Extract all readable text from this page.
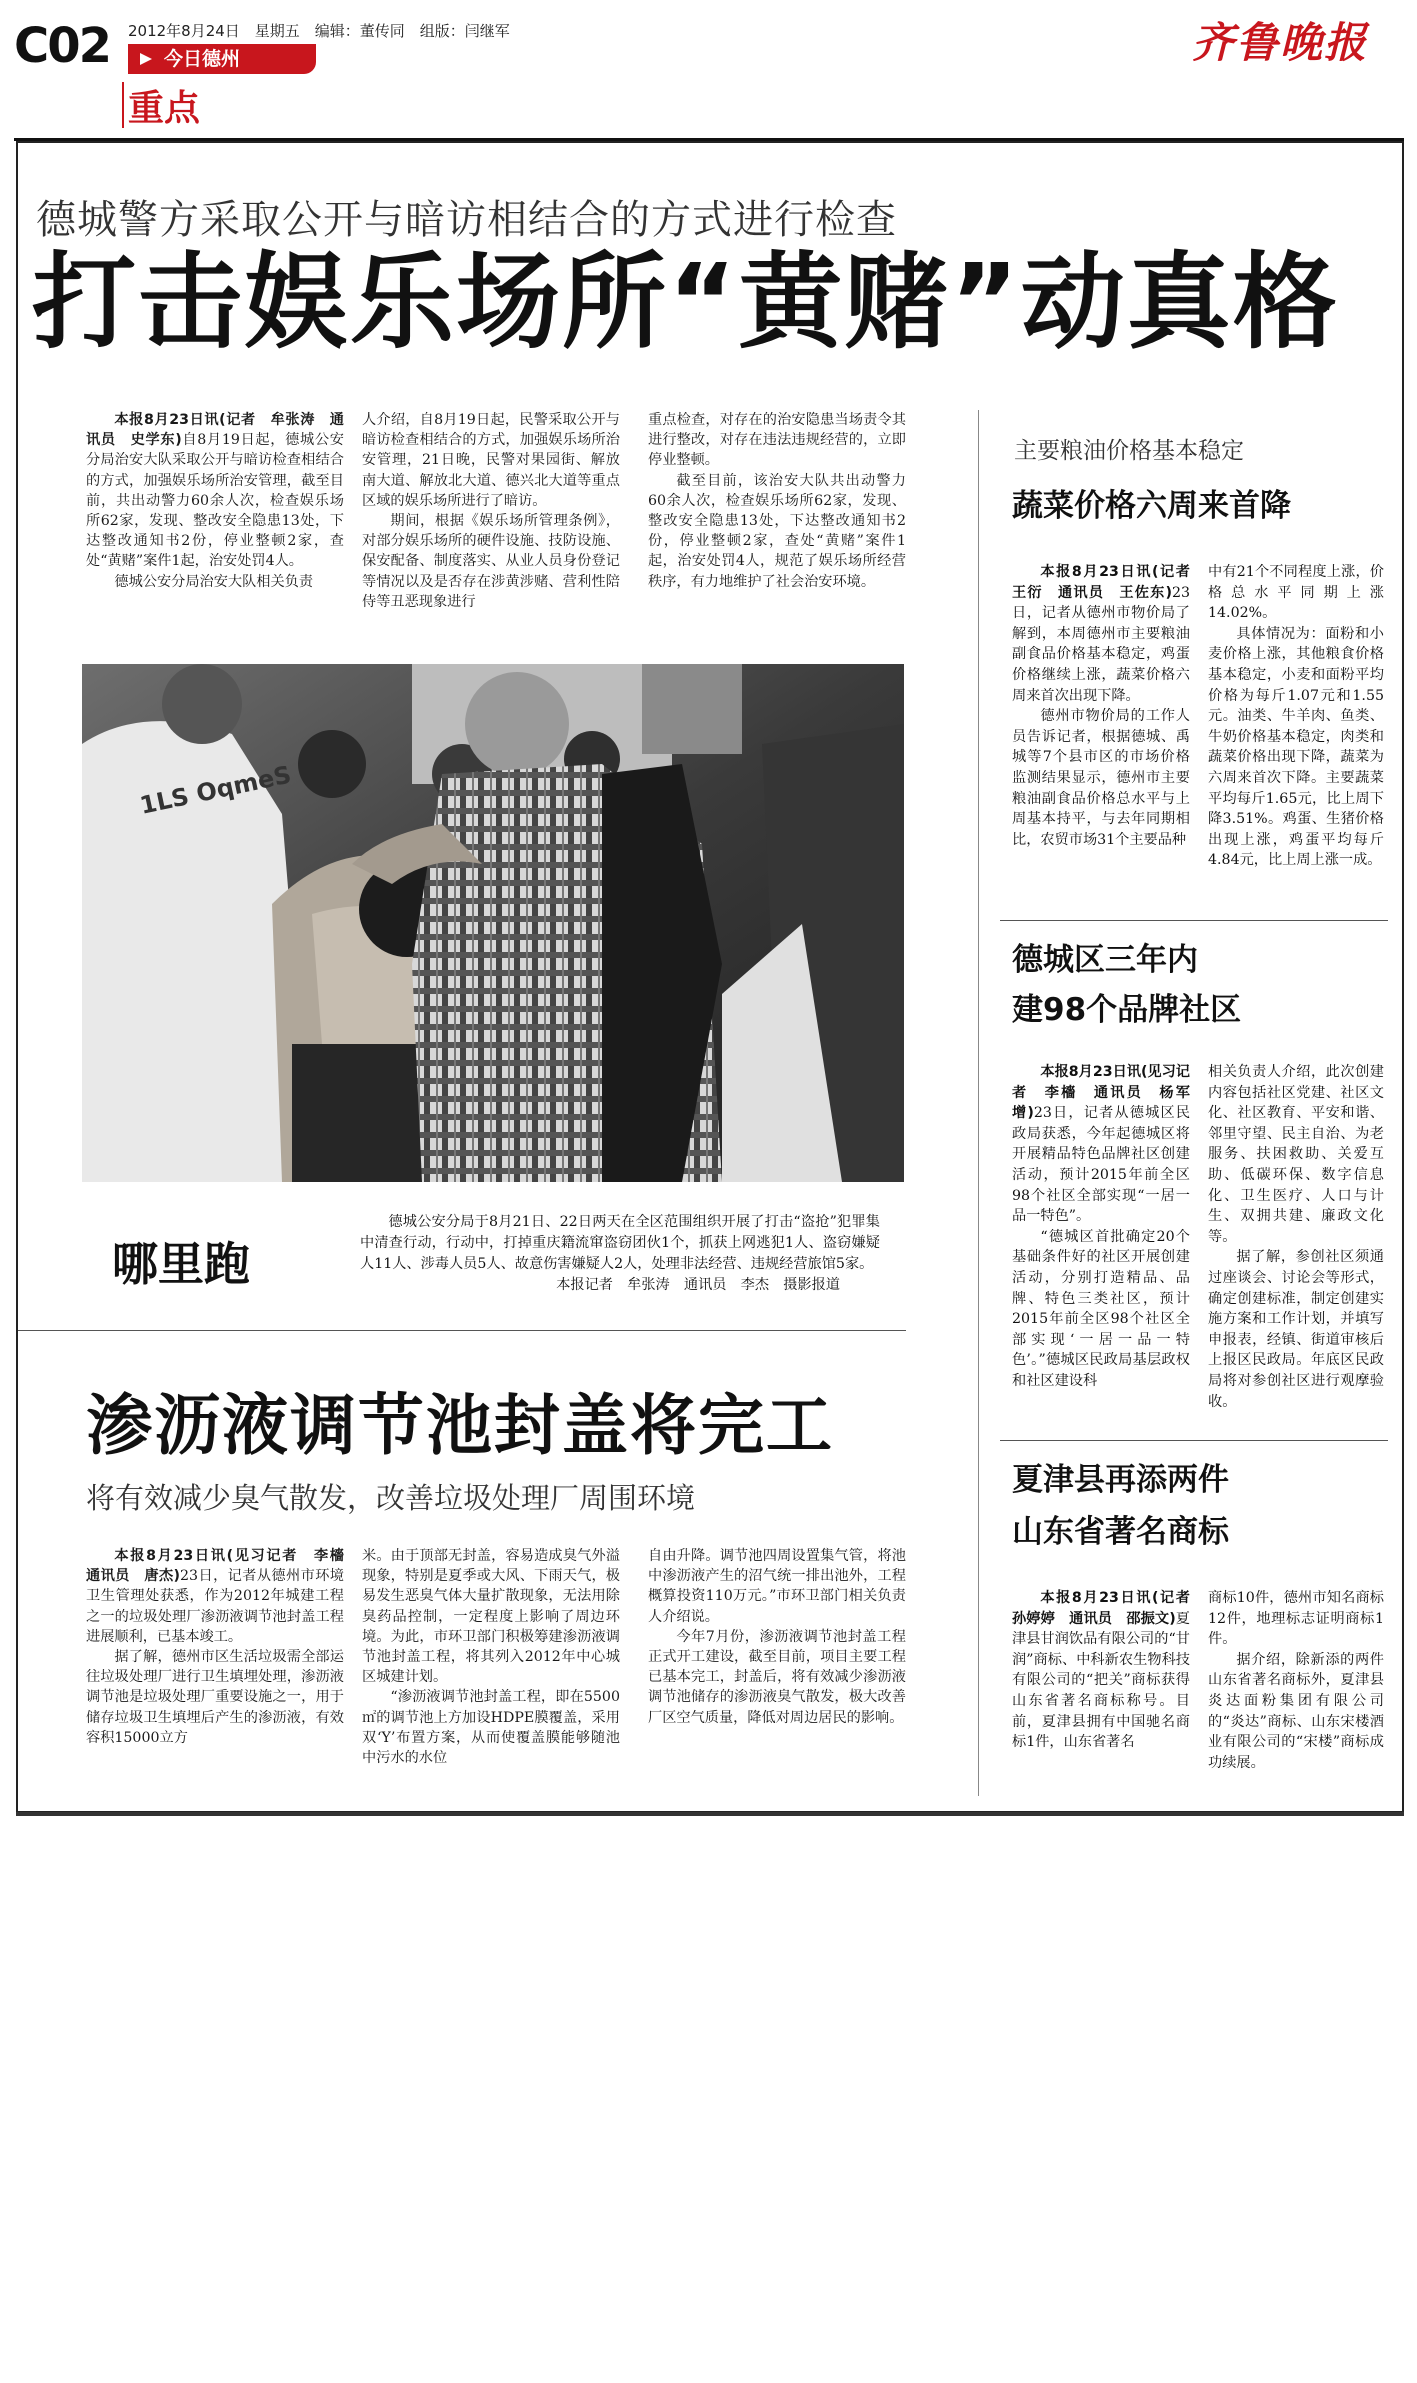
C02 2012年8月24日　星期五　编辑：董传同　组版：闫继军
今日德州
重点
齐鲁晚报
德城警方采取公开与暗访相结合的方式进行检查
打击娱乐场所“黄赌”动真格

本报8月23日讯(记者　牟张涛　通讯员　史学东)自8月19日起，德城公安分局治安大队采取公开与暗访检查相结合的方式，加强娱乐场所治安管理，截至目前，共出动警力60余人次，检查娱乐场所62家，发现、整改安全隐患13处，下达整改通知书2份，停业整顿2家，查处“黄赌”案件1起，治安处罚4人。

德城公安分局治安大队相关负责

人介绍，自8月19日起，民警采取公开与暗访检查相结合的方式，加强娱乐场所治安管理，21日晚，民警对果园街、解放南大道、解放北大道、德兴北大道等重点区域的娱乐场所进行了暗访。

期间，根据《娱乐场所管理条例》，对部分娱乐场所的硬件设施、技防设施、保安配备、制度落实、从业人员身份登记等情况以及是否存在涉黄涉赌、营利性陪侍等丑恶现象进行

重点检查，对存在的治安隐患当场责令其进行整改，对存在违法违规经营的，立即停业整顿。

截至目前，该治安大队共出动警力60余人次，检查娱乐场所62家，发现、整改安全隐患13处，下达整改通知书2份，停业整顿2家，查处“黄赌”案件1起，治安处罚4人，规范了娱乐场所经营秩序，有力地维护了社会治安环境。

1LS OqmeS
哪里跑
德城公安分局于8月21日、22日两天在全区范围组织开展了打击“盗抢”犯罪集中清查行动，行动中，打掉重庆籍流窜盗窃团伙1个，抓获上网逃犯1人、盗窃嫌疑人11人、涉毒人员5人、故意伤害嫌疑人2人，处理非法经营、违规经营旅馆5家。
本报记者　牟张涛　通讯员　李杰　摄影报道
渗沥液调节池封盖将完工
将有效减少臭气散发，改善垃圾处理厂周围环境

本报8月23日讯(见习记者　李檣　通讯员　唐杰)23日，记者从德州市环境卫生管理处获悉，作为2012年城建工程之一的垃圾处理厂渗沥液调节池封盖工程进展顺利，已基本竣工。

据了解，德州市区生活垃圾需全部运往垃圾处理厂进行卫生填埋处理，渗沥液调节池是垃圾处理厂重要设施之一，用于储存垃圾卫生填埋后产生的渗沥液，有效容积15000立方

米。由于顶部无封盖，容易造成臭气外溢现象，特别是夏季或大风、下雨天气，极易发生恶臭气体大量扩散现象，无法用除臭药品控制，一定程度上影响了周边环境。为此，市环卫部门积极筹建渗沥液调节池封盖工程，将其列入2012年中心城区城建计划。

“渗沥液调节池封盖工程，即在5500㎡的调节池上方加设HDPE膜覆盖，采用双‘Y’布置方案，从而使覆盖膜能够随池中污水的水位

自由升降。调节池四周设置集气管，将池中渗沥液产生的沼气统一排出池外，工程概算投资110万元。”市环卫部门相关负责人介绍说。

今年7月份，渗沥液调节池封盖工程正式开工建设，截至目前，项目主要工程已基本完工，封盖后，将有效减少渗沥液调节池储存的渗沥液臭气散发，极大改善厂区空气质量，降低对周边居民的影响。

主要粮油价格基本稳定
蔬菜价格六周来首降

本报8月23日讯(记者　王衍　通讯员　王佐东)23日，记者从德州市物价局了解到，本周德州市主要粮油副食品价格基本稳定，鸡蛋价格继续上涨，蔬菜价格六周来首次出现下降。

德州市物价局的工作人员告诉记者，根据德城、禹城等7个县市区的市场价格监测结果显示，德州市主要粮油副食品价格总水平与上周基本持平，与去年同期相比，农贸市场31个主要品种

中有21个不同程度上涨，价格总水平同期上涨14.02%。

具体情况为：面粉和小麦价格上涨，其他粮食价格基本稳定，小麦和面粉平均价格为每斤1.07元和1.55元。油类、牛羊肉、鱼类、牛奶价格基本稳定，肉类和蔬菜价格出现下降，蔬菜为六周来首次下降。主要蔬菜平均每斤1.65元，比上周下降3.51%。鸡蛋、生猪价格出现上涨，鸡蛋平均每斤4.84元，比上周上涨一成。

德城区三年内
建98个品牌社区

本报8月23日讯(见习记者　李檣　通讯员　杨军增)23日，记者从德城区民政局获悉，今年起德城区将开展精品特色品牌社区创建活动，预计2015年前全区98个社区全部实现“一居一品一特色”。

“德城区首批确定20个基础条件好的社区开展创建活动，分别打造精品、品牌、特色三类社区，预计2015年前全区98个社区全部实现‘一居一品一特色’。”德城区民政局基层政权和社区建设科

相关负责人介绍，此次创建内容包括社区党建、社区文化、社区教育、平安和谐、邻里守望、民主自治、为老服务、扶困救助、关爱互助、低碳环保、数字信息化、卫生医疗、人口与计生、双拥共建、廉政文化等。

据了解，参创社区须通过座谈会、讨论会等形式，确定创建标准，制定创建实施方案和工作计划，并填写申报表，经镇、街道审核后上报区民政局。年底区民政局将对参创社区进行观摩验收。

夏津县再添两件
山东省著名商标

本报8月23日讯(记者　孙婷婷　通讯员　邵振文)夏津县甘润饮品有限公司的“甘润”商标、中科新农生物科技有限公司的“把关”商标获得山东省著名商标称号。目前，夏津县拥有中国驰名商标1件，山东省著名

商标10件，德州市知名商标12件，地理标志证明商标1件。

据介绍，除新添的两件山东省著名商标外，夏津县炎达面粉集团有限公司的“炎达”商标、山东宋楼酒业有限公司的“宋楼”商标成功续展。
